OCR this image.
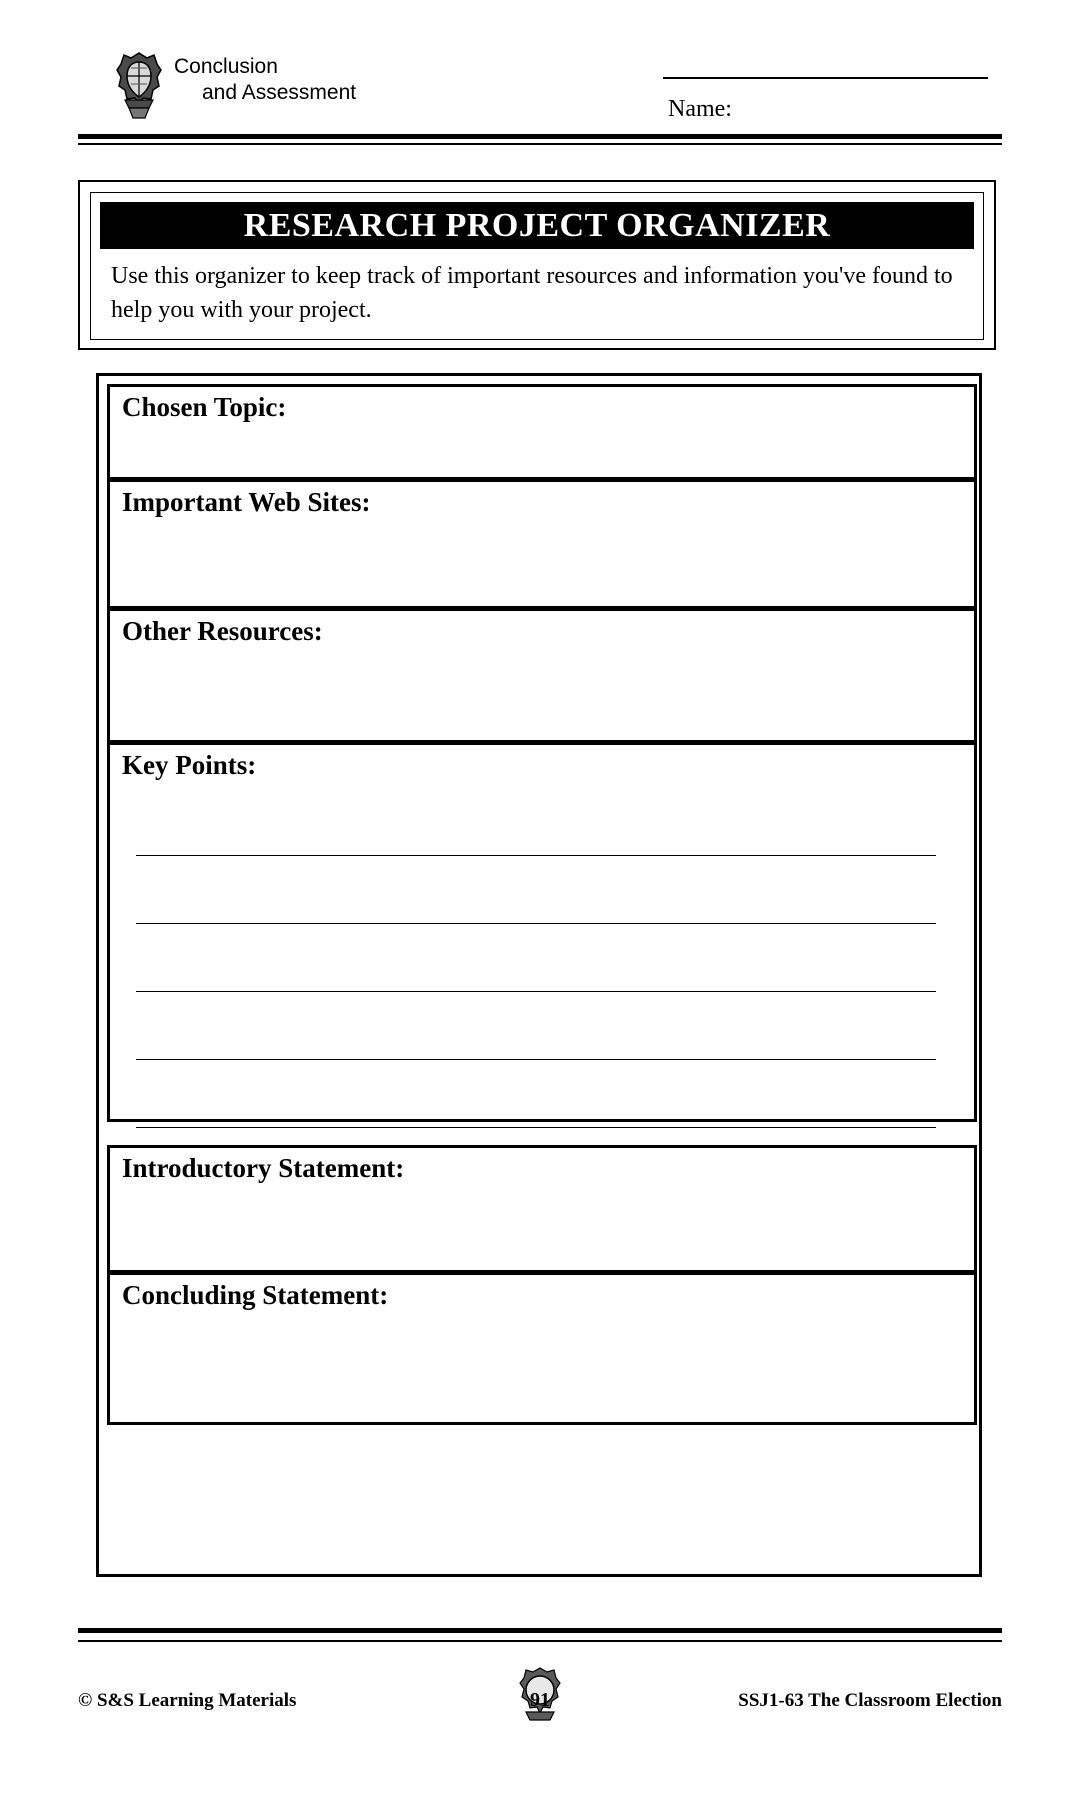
Conclusion
and Assessment
Name:
RESEARCH PROJECT ORGANIZER
Use this organizer to keep track of important resources and information you've found to help you with your project.
Chosen Topic:
Important Web Sites:
Other Resources:
Key Points:
Introductory Statement:
Concluding Statement:
91
© S&S Learning Materials	SSJ1-63 The Classroom Election
